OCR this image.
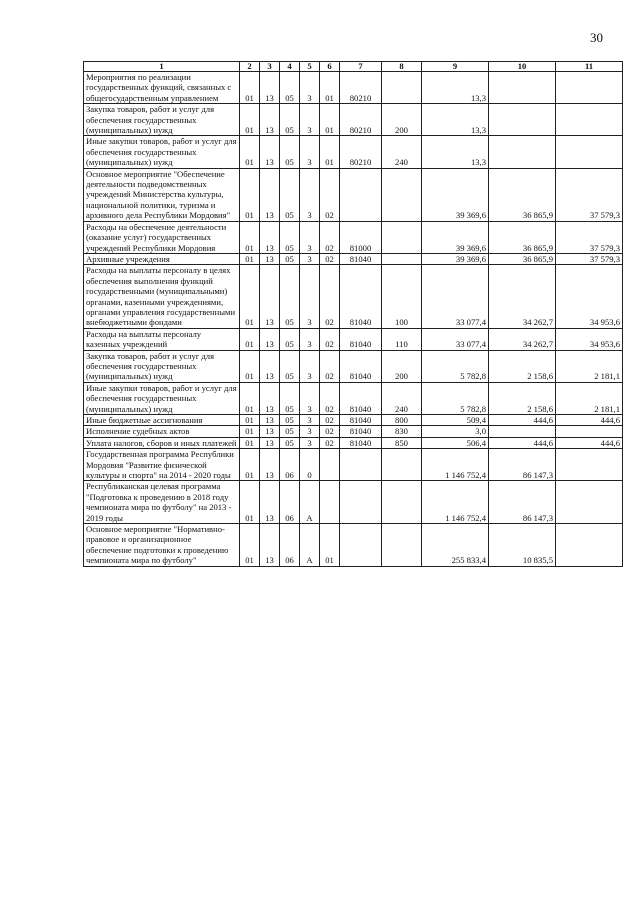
30
1	2	3	4	5	6	7	8	9	10	11
Мероприятия по реализации государственных функций, связанных с общегосударственным управлением	01	13	05	3	01	80210		13,3		
Закупка товаров, работ и услуг для обеспечения государственных (муниципальных) нужд	01	13	05	3	01	80210	200	13,3		
Иные закупки товаров, работ и услуг для обеспечения государственных (муниципальных) нужд	01	13	05	3	01	80210	240	13,3		
Основное мероприятие "Обеспечение деятельности подведомственных учреждений Министерства культуры, национальной политики, туризма и архивного дела Республики Мордовия"	01	13	05	3	02			39 369,6	36 865,9	37 579,3
Расходы на обеспечение деятельности (оказание услуг) государственных учреждений Республики Мордовия	01	13	05	3	02	81000		39 369,6	36 865,9	37 579,3
Архивные учреждения	01	13	05	3	02	81040		39 369,6	36 865,9	37 579,3
Расходы на выплаты персоналу в целях обеспечения выполнения функций государственными (муниципальными) органами, казенными учреждениями, органами управления государственными внебюджетными фондами	01	13	05	3	02	81040	100	33 077,4	34 262,7	34 953,6
Расходы на выплаты персоналу казенных учреждений	01	13	05	3	02	81040	110	33 077,4	34 262,7	34 953,6
Закупка товаров, работ и услуг для обеспечения государственных (муниципальных) нужд	01	13	05	3	02	81040	200	5 782,8	2 158,6	2 181,1
Иные закупки товаров, работ и услуг для обеспечения государственных (муниципальных) нужд	01	13	05	3	02	81040	240	5 782,8	2 158,6	2 181,1
Иные бюджетные ассигнования	01	13	05	3	02	81040	800	509,4	444,6	444,6
Исполнение судебных актов	01	13	05	3	02	81040	830	3,0		
Уплата налогов, сборов и иных платежей	01	13	05	3	02	81040	850	506,4	444,6	444,6
Государственная программа Республики Мордовия "Развитие физической культуры и спорта" на 2014 - 2020 годы	01	13	06	0				1 146 752,4	86 147,3	
Республиканская целевая программа "Подготовка к проведению в 2018 году чемпионата мира по футболу" на 2013 - 2019 годы	01	13	06	А				1 146 752,4	86 147,3	
Основное мероприятие "Нормативно-правовое и организационное обеспечение подготовки к проведению чемпионата мира по футболу"	01	13	06	А	01			255 833,4	10 835,5	
